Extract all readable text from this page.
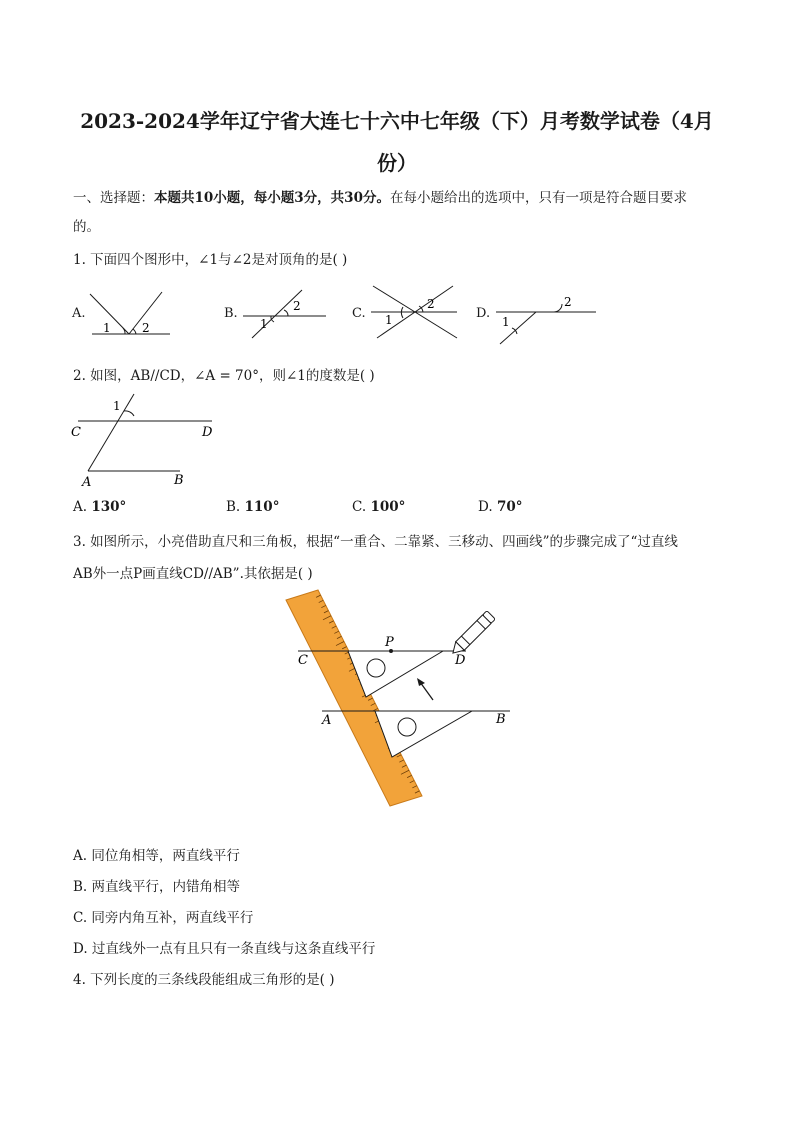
2023-2024学年辽宁省大连七十六中七年级（下）月考数学试卷（4月
份）
一、选择题：本题共10小题，每小题3分，共30分。在每小题给出的选项中，只有一项是符合题目要求
的。
1. 下面四个图形中，∠1与∠2是对顶角的是( )
A.
1	2
B.
1
2	C. 1
2
D.
1
2
2. 如图，AB//CD，∠A = 70°，则∠1的度数是( )
1
C	D
A	B
A. 130°	B. 110°	C. 100°	D. 70°
3. 如图所示，小亮借助直尺和三角板，根据“一重合、二靠紧、三移动、四画线”的步骤完成了“过直线
AB外一点P画直线CD//AB”.其依据是( )
P
C	D
A	B
A. 同位角相等，两直线平行
B. 两直线平行，内错角相等
C. 同旁内角互补，两直线平行
D. 过直线外一点有且只有一条直线与这条直线平行
4. 下列长度的三条线段能组成三角形的是( )
